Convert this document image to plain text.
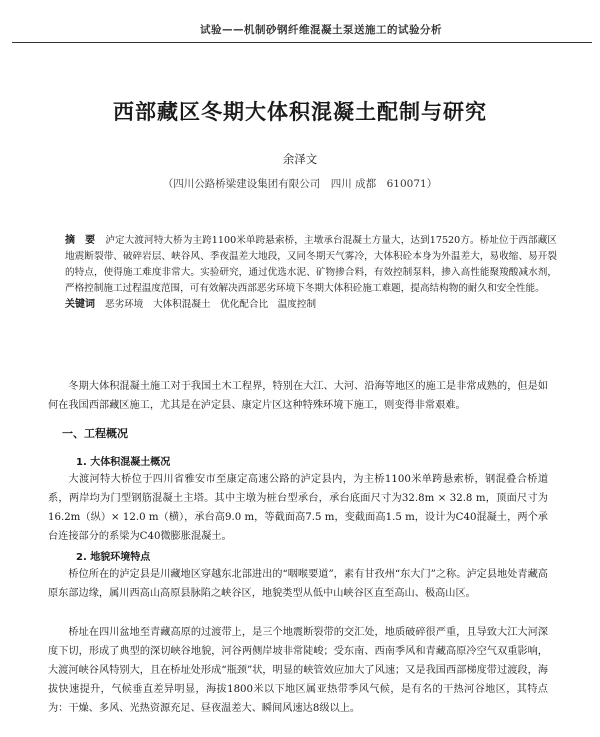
试验——机制砂钢纤维混凝土泵送施工的试验分析
西部藏区冬期大体积混凝土配制与研究
余泽文
（四川公路桥梁建设集团有限公司　四川 成都　610071）
摘　要 泸定大渡河特大桥为主跨1100米单跨悬索桥，主墩承台混凝土方量大，达到17520方。桥址位于西部藏区地震断裂带、破碎岩层、峡谷风、季夜温差大地段，又同冬期天气雾冷，大体积砼本身为外温差大，易收缩、易开裂的特点，使得施工难度非常大。实验研究，通过优选水泥、矿物掺合料，有效控制泵料，掺入高性能聚羧酸减水剂，严格控制施工过程温度范围，可有效解决西部恶劣环境下冬期大体积砼施工难题，提高结构物的耐久和安全性能。
关键词 恶劣环境　大体积混凝土　优化配合比　温度控制

冬期大体积混凝土施工对于我国土木工程界，特别在大江、大河、沿海等地区的施工是非常成熟的，但是如何在我国西部藏区施工，尤其是在泸定县、康定片区这种特殊环境下施工，则变得非常艰难。

一、工程概况
1. 大体积混凝土概况

大渡河特大桥位于四川省雅安市至康定高速公路的泸定县内，为主桥1100米单跨悬索桥，钢混叠合桥道系，两岸均为门型钢筋混凝土主塔。其中主墩为桩台型承台，承台底面尺寸为32.8m × 32.8 m，顶面尺寸为16.2m（纵）× 12.0 m（横），承台高9.0 m，等截面高7.5 m，变截面高1.5 m，设计为C40混凝土，两个承台连接部分的系梁为C40微膨胀混凝土。

2. 地貌环境特点

桥位所在的泸定县是川藏地区穿越东北部进出的“咽喉要道”，素有甘孜州“东大门”之称。泸定县地处青藏高原东部边缘，属川西高山高原县脉陷之峡谷区，地貌类型从低中山峡谷区直至高山、极高山区。

桥址在四川盆地至青藏高原的过渡带上，是三个地震断裂带的交汇处，地质破碎很严重，且导致大江大河深度下切，形成了典型的深切峡谷地貌，河谷两侧岸坡非常陡峻；受东南、西南季风和青藏高原冷空气双重影响，大渡河峡谷风特别大，且在桥址处形成“瓶颈”状，明显的峡管效应加大了风速；又是我国西部梯度带过渡段，海拔快速提升，气候垂直差异明显，海拔1800米以下地区属亚热带季风气候，是有名的干热河谷地区，其特点为：干燥、多风、光热资源充足、昼夜温差大、瞬间风速达8级以上。
